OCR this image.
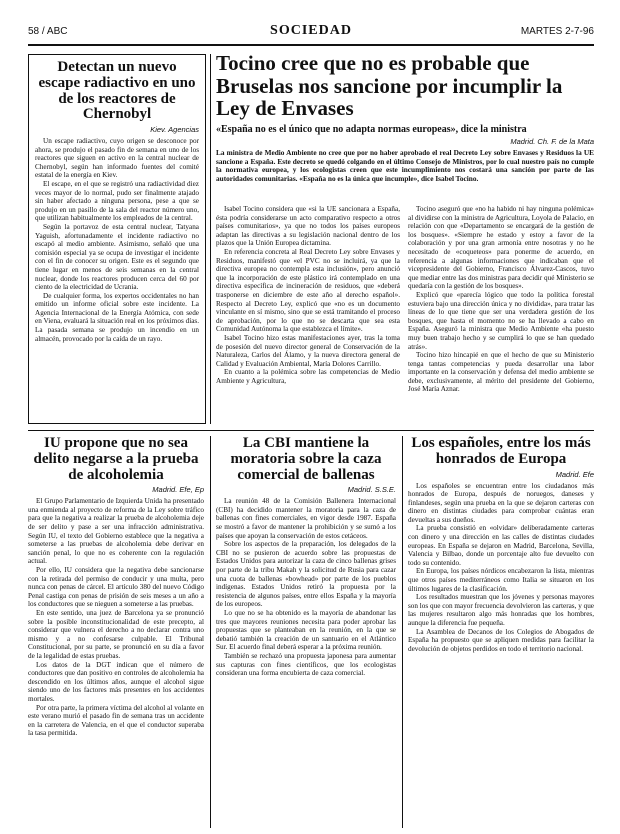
58 / ABC	SOCIEDAD	MARTES 2-7-96
Detectan un nuevo escape radiactivo en uno de los reactores de Chernobyl
Kiev. Agencias

Un escape radiactivo, cuyo origen se desconoce por ahora, se produjo el pasado fin de semana en uno de los reactores que siguen en activo en la central nuclear de Chernobyl, según han informado fuentes del comité estatal de la energía en Kiev.

El escape, en el que se registró una radiactividad diez veces mayor de lo normal, pudo ser finalmente atajado sin haber afectado a ninguna persona, pese a que se produjo en un pasillo de la sala del reactor número uno, que utilizan habitualmente los empleados de la central.

Según la portavoz de esta central nuclear, Tatyana Yaguish, afortunadamente el incidente radiactivo no escapó al medio ambiente. Asimismo, señaló que una comisión especial ya se ocupa de investigar el incidente con el fin de conocer su origen. Este es el segundo que tiene lugar en menos de seis semanas en la central nuclear, donde los reactores producen cerca del 60 por ciento de la electricidad de Ucrania.

De cualquier forma, los expertos occidentales no han emitido un informe oficial sobre este incidente. La Agencia Internacional de la Energía Atómica, con sede en Viena, evaluará la situación real en los próximos días. La pasada semana se produjo un incendio en un almacén, provocado por la caída de un rayo.

Tocino cree que no es probable que Bruselas nos sancione por incumplir la Ley de Envases
«España no es el único que no adapta normas europeas», dice la ministra
Madrid. Ch. F. de la Mata
La ministra de Medio Ambiente no cree que por no haber aprobado el real Decreto Ley sobre Envases y Residuos la UE sancione a España. Este decreto se quedó colgando en el último Consejo de Ministros, por lo cual nuestro país no cumple la normativa europea, y los ecologistas creen que este incumplimiento nos costará una sanción por parte de las autoridades comunitarias. «España no es la única que incumple», dice Isabel Tocino.

Isabel Tocino considera que «si la UE sancionara a España, ésta podría considerarse un acto comparativo respecto a otros países comunitarios», ya que no todos los países europeos adaptan las directivas a su legislación nacional dentro de los plazos que la Unión Europea dictamina.

En referencia concreta al Real Decreto Ley sobre Envases y Residuos, manifestó que «el PVC no se incluirá, ya que la directiva europea no contempla esta inclusión», pero anunció que la incorporación de este plástico irá contemplado en una directiva específica de incineración de residuos, que «deberá trasponerse en diciembre de este año al derecho español». Respecto al Decreto Ley, explicó que «no es un documento vinculante en sí mismo, sino que se está tramitando el proceso de aprobación, por lo que no se descarta que sea esta Comunidad Autónoma la que establezca el límite».

Isabel Tocino hizo estas manifestaciones ayer, tras la toma de posesión del nuevo director general de Conservación de la Naturaleza, Carlos del Álamo, y la nueva directora general de Calidad y Evaluación Ambiental, María Dolores Carrillo.

En cuanto a la polémica sobre las competencias de Medio Ambiente y Agricultura,

Tocino aseguró que «no ha habido ni hay ninguna polémica» al dividirse con la ministra de Agricultura, Loyola de Palacio, en relación con que «Departamento se encargará de la gestión de los bosques». «Siempre he estado y estoy a favor de la colaboración y por una gran armonía entre nosotras y no he necesitado de «coqueteos» para ponerme de acuerdo, en referencia a algunas informaciones que indicaban que el vicepresidente del Gobierno, Francisco Álvarez-Cascos, tuvo que mediar entre las dos ministras para decidir qué Ministerio se quedaría con la gestión de los bosques».

Explicó que «parecía lógico que todo la política forestal estuviera bajo una dirección única y no dividida», para tratar las líneas de lo que tiene que ser una verdadera gestión de los bosques, que hasta el momento no se ha llevado a cabo en España. Aseguró la ministra que Medio Ambiente «ha puesto muy buen trabajo hecho y se cumplirá lo que se han quedado atrás».

Tocino hizo hincapié en que el hecho de que su Ministerio tenga tantas competencias y pueda desarrollar una labor importante en la conservación y defensa del medio ambiente se debe, exclusivamente, al mérito del presidente del Gobierno, José María Aznar.

IU propone que no sea delito negarse a la prueba de alcoholemia
Madrid. Efe, Ep

El Grupo Parlamentario de Izquierda Unida ha presentado una enmienda al proyecto de reforma de la Ley sobre tráfico para que la negativa a realizar la prueba de alcoholemia deje de ser delito y pase a ser una infracción administrativa. Según IU, el texto del Gobierno establece que la negativa a someterse a las pruebas de alcoholemia debe derivar en sanción penal, lo que no es coherente con la regulación actual.

Por ello, IU considera que la negativa debe sancionarse con la retirada del permiso de conducir y una multa, pero nunca con penas de cárcel. El artículo 380 del nuevo Código Penal castiga con penas de prisión de seis meses a un año a los conductores que se nieguen a someterse a las pruebas.

En este sentido, una juez de Barcelona ya se pronunció sobre la posible inconstitucionalidad de este precepto, al considerar que vulnera el derecho a no declarar contra uno mismo y a no confesarse culpable. El Tribunal Constitucional, por su parte, se pronunció en su día a favor de la legalidad de estas pruebas.

Los datos de la DGT indican que el número de conductores que dan positivo en controles de alcoholemia ha descendido en los últimos años, aunque el alcohol sigue siendo uno de los factores más presentes en los accidentes mortales.

Por otra parte, la primera víctima del alcohol al volante en este verano murió el pasado fin de semana tras un accidente en la carretera de Valencia, en el que el conductor superaba la tasa permitida.

La CBI mantiene la moratoria sobre la caza comercial de ballenas
Madrid. S.S.E.

La reunión 48 de la Comisión Ballenera Internacional (CBI) ha decidido mantener la moratoria para la caza de ballenas con fines comerciales, en vigor desde 1987. España se mostró a favor de mantener la prohibición y se sumó a los países que apoyan la conservación de estos cetáceos.

Sobre los aspectos de la preparación, los delegados de la CBI no se pusieron de acuerdo sobre las propuestas de Estados Unidos para autorizar la caza de cinco ballenas grises por parte de la tribu Makah y la solicitud de Rusia para cazar una cuota de ballenas «bowhead» por parte de los pueblos indígenas. Estados Unidos retiró la propuesta por la resistencia de algunos países, entre ellos España y la mayoría de los europeos.

Lo que no se ha obtenido es la mayoría de abandonar las tres que mayores reuniones necesita para poder aprobar las propuestas que se planteaban en la reunión, en la que se debatió también la creación de un santuario en el Atlántico Sur. El acuerdo final deberá esperar a la próxima reunión.

También se rechazó una propuesta japonesa para aumentar sus capturas con fines científicos, que los ecologistas consideran una forma encubierta de caza comercial.

Los españoles, entre los más honrados de Europa
Madrid. Efe

Los españoles se encuentran entre los ciudadanos más honrados de Europa, después de noruegos, daneses y finlandeses, según una prueba en la que se dejaron carteras con dinero en distintas ciudades para comprobar cuántas eran devueltas a sus dueños.

La prueba consistió en «olvidar» deliberadamente carteras con dinero y una dirección en las calles de distintas ciudades europeas. En España se dejaron en Madrid, Barcelona, Sevilla, Valencia y Bilbao, donde un porcentaje alto fue devuelto con todo su contenido.

En Europa, los países nórdicos encabezaron la lista, mientras que otros países mediterráneos como Italia se situaron en los últimos lugares de la clasificación.

Los resultados muestran que los jóvenes y personas mayores son los que con mayor frecuencia devolvieron las carteras, y que las mujeres resultaron algo más honradas que los hombres, aunque la diferencia fue pequeña.

La Asamblea de Decanos de los Colegios de Abogados de España ha propuesto que se apliquen medidas para facilitar la devolución de objetos perdidos en todo el territorio nacional.
